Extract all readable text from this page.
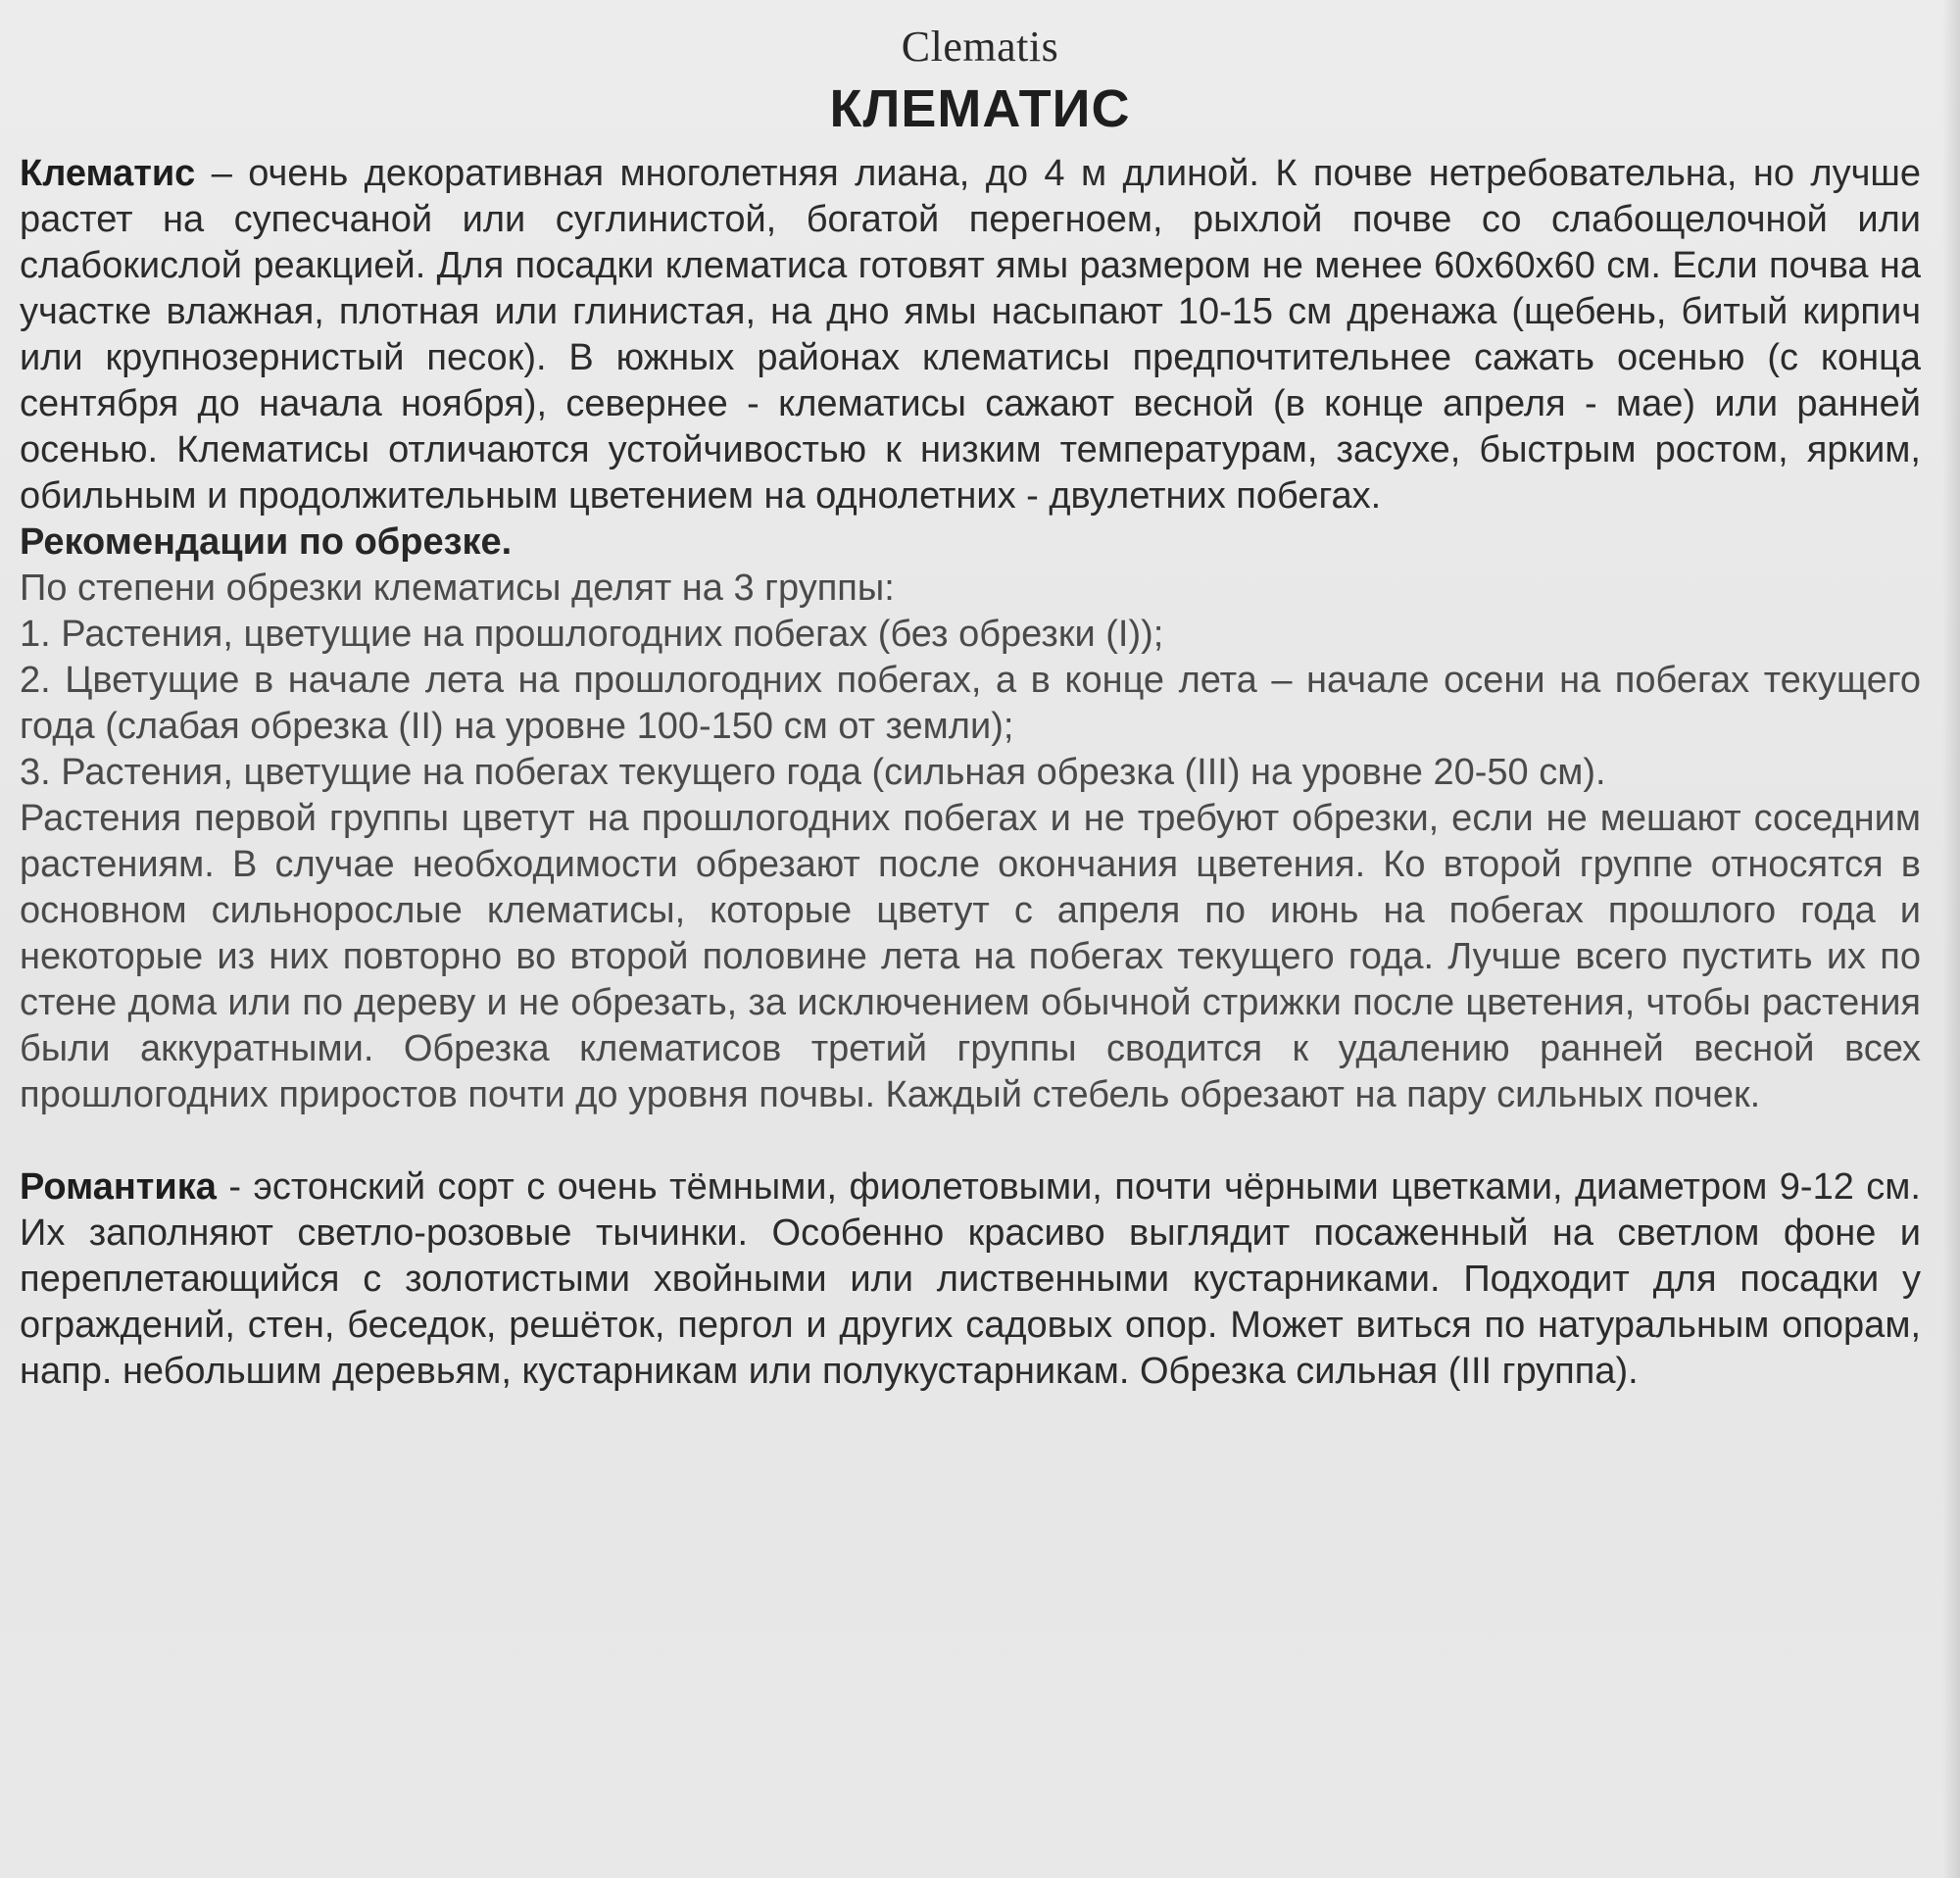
Clematis
КЛЕМАТИС

Клематис – очень декоративная многолетняя лиана, до 4 м длиной. К почве нетребовательна, но лучше растет на супесчаной или суглинистой, богатой перегноем, рыхлой почве со слабощелочной или слабокислой реакцией. Для посадки клематиса готовят ямы размером не менее 60x60x60 см. Если почва на участке влажная, плотная или глинистая, на дно ямы насыпают 10-15 см дренажа (щебень, битый кирпич или крупнозернистый песок). В южных районах клематисы предпочтительнее сажать осенью (с конца сентября до начала ноября), севернее - клематисы сажают весной (в конце апреля - мае) или ранней осенью. Клематисы отличаются устойчивостью к низким температурам, засухе, быстрым ростом, ярким, обильным и продолжительным цветением на однолетних - двулетних побегах.

Рекомендации по обрезке.

По степени обрезки клематисы делят на 3 группы:

1. Растения, цветущие на прошлогодних побегах (без обрезки (I));

2. Цветущие в начале лета на прошлогодних побегах, а в конце лета – начале осени на побегах текущего года (слабая обрезка (II) на уровне 100-150 см от земли);

3. Растения, цветущие на побегах текущего года (сильная обрезка (III) на уровне 20-50 см).

Растения первой группы цветут на прошлогодних побегах и не требуют обрезки, если не мешают соседним растениям. В случае необходимости обрезают после окончания цветения. Ко второй группе относятся в основном сильнорослые клематисы, которые цветут с апреля по июнь на побегах прошлого года и некоторые из них повторно во второй половине лета на побегах текущего года. Лучше всего пустить их по стене дома или по дереву и не обрезать, за исключением обычной стрижки после цветения, чтобы растения были аккуратными. Обрезка клематисов третий группы сводится к удалению ранней весной всех прошлогодних приростов почти до уровня почвы. Каждый стебель обрезают на пару сильных почек.

Романтика - эстонский сорт с очень тёмными, фиолетовыми, почти чёрными цветками, диаметром 9-12 см. Их заполняют светло-розовые тычинки. Особенно красиво выглядит посаженный на светлом фоне и переплетающийся с золотистыми хвойными или лиственными кустарниками. Подходит для посадки у ограждений, стен, беседок, решёток, пергол и других садовых опор. Может виться по натуральным опорам, напр. небольшим деревьям, кустарникам или полукустарникам. Обрезка сильная (III группа).
